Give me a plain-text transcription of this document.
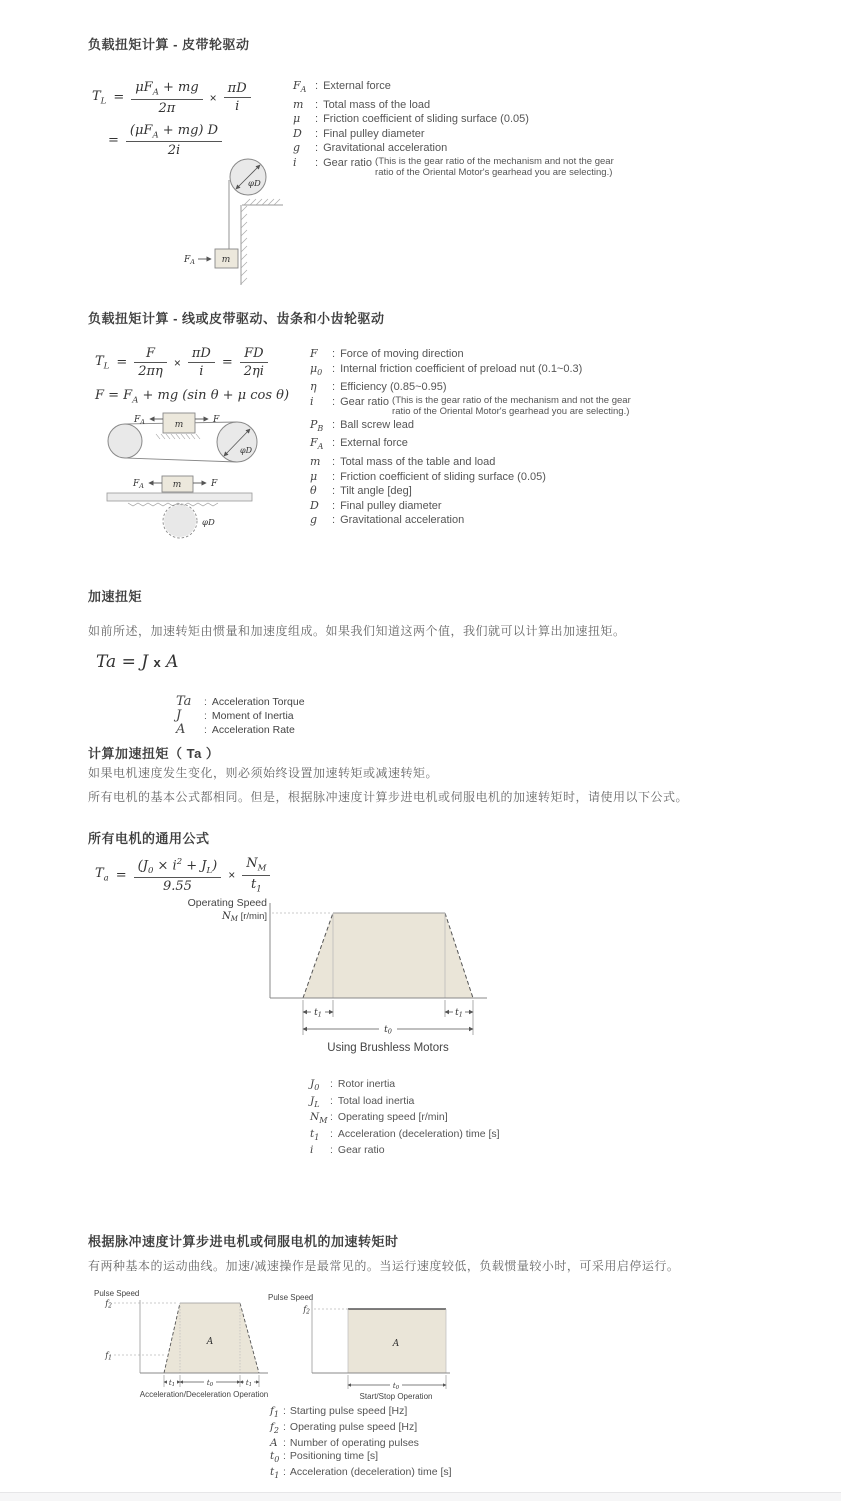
负载扭矩计算 - 皮带轮驱动
$T_L = \frac{\mu F_A + mg}{2\pi} \times \frac{\pi D}{i}$
= $\frac{(\mu F_A + mg) D}{2i}$
$F_A$ : External force
m	: Total mass of the load
μ	: Friction coefficient of sliding surface (0.05)
D	: Final pulley diameter
g	: Gravitational acceleration
i	: Gear ratio (This is the gear ratio of the mechanism and not the gear ratio of the Oriental Motor's gearhead you are selecting.)
φD
m
$F_A$
负载扭矩计算 - 线或皮带驱动、齿条和小齿轮驱动
$T_L = \frac{F}{2\pi\eta} \times \frac{\pi D}{i} = \frac{FD}{2\eta i}$
$F = F_A$ + mg (sin θ + μ cos θ)
F	: Force of moving direction
$\mu_0$ : Internal friction coefficient of preload nut (0.1~0.3)
η	: Efficiency (0.85~0.95)
i	: Gear ratio (This is the gear ratio of the mechanism and not the gear ratio of the Oriental Motor's gearhead you are selecting.)
$P_B$ : Ball screw lead
$F_A$ : External force
m	: Total mass of the table and load
μ	: Friction coefficient of sliding surface (0.05)
θ	: Tilt angle [deg]
D	: Final pulley diameter
g	: Gravitational acceleration
φD
m
$F_A$	F
m
$F_A$	F
φD
加速扭矩
如前所述，加速转矩由惯量和加速度组成。如果我们知道这两个值，我们就可以计算出加速扭矩。
Ta = J x A
Ta	: Acceleration Torque
J	: Moment of Inertia
A	: Acceleration Rate
计算加速扭矩（ Ta ）
如果电机速度发生变化，则必须始终设置加速转矩或减速转矩。
所有电机的基本公式都相同。但是，根据脉冲速度计算步进电机或伺服电机的加速转矩时，请使用以下公式。
所有电机的通用公式
$T_a = \frac{(J_0 \times i^2 + J_L)}{9.55} \times \frac{N_M}{t_1}$
Operating Speed
$N_M$ [r/min]
t1	t1
t0
Using Brushless Motors
$J_0$	: Rotor inertia
$J_L$ : Total load inertia
$N_M$ : Operating speed [r/min]
$t_1$	: Acceleration (deceleration) time [s]
i	: Gear ratio
根据脉冲速度计算步进电机或伺服电机的加速转矩时
有两种基本的运动曲线。加速/减速操作是最常见的。当运行速度较低，负载惯量较小时，可采用启停运行。
Pulse Speed
f2
f1
A
t1	t0	t1
Acceleration/Deceleration Operation
Pulse Speed
f2
A
t0
Start/Stop Operation
$f_1$ : Starting pulse speed [Hz]
$f_2$ : Operating pulse speed [Hz]
A : Number of operating pulses
$t_0$ : Positioning time [s]
$t_1$ : Acceleration (deceleration) time [s]
